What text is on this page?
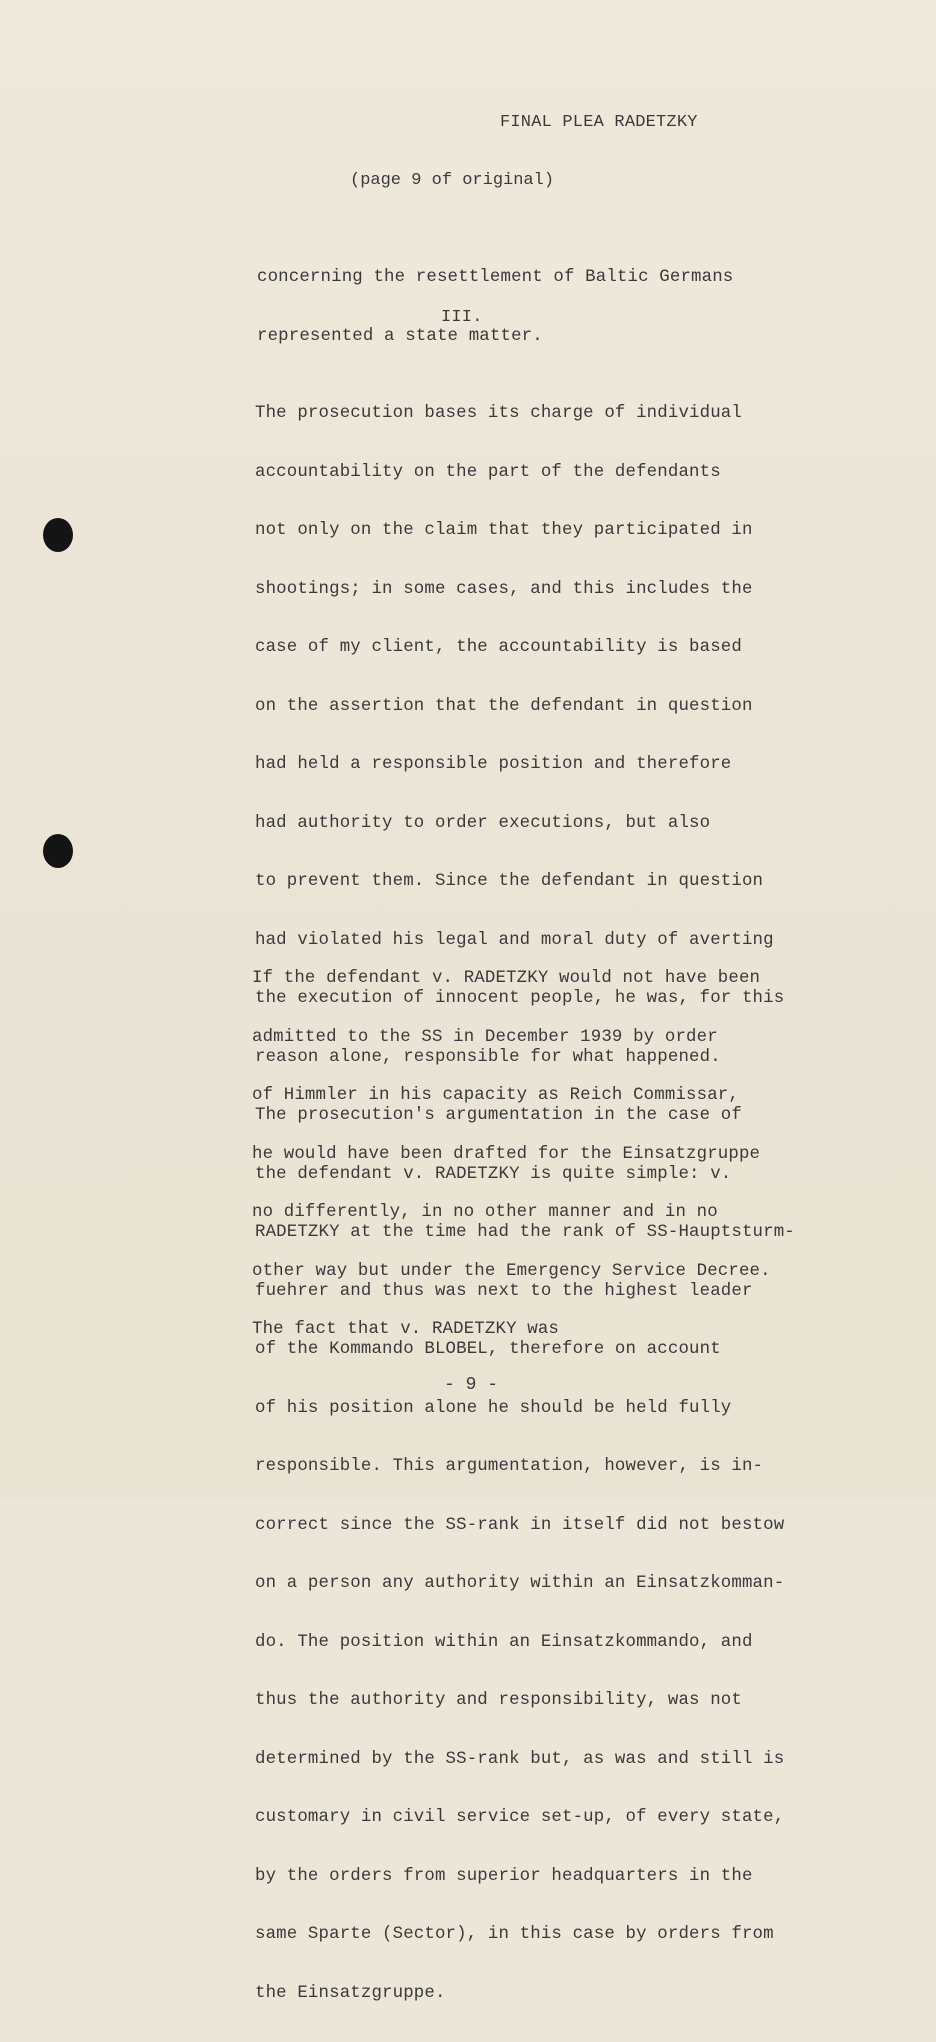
FINAL PLEA RADETZKY
(page 9 of original)

concerning the resettlement of Baltic Germans

represented a state matter.

III.

The prosecution bases its charge of individual

accountability on the part of the defendants

not only on the claim that they participated in

shootings; in some cases, and this includes the

case of my client, the accountability is based

on the assertion that the defendant in question

had held a responsible position and therefore

had authority to order executions, but also

to prevent them. Since the defendant in question

had violated his legal and moral duty of averting

the execution of innocent people, he was, for this

reason alone, responsible for what happened.

The prosecution's argumentation in the case of

the defendant v. RADETZKY is quite simple: v.

RADETZKY at the time had the rank of SS-Hauptsturm-

fuehrer and thus was next to the highest leader

of the Kommando BLOBEL, therefore on account

of his position alone he should be held fully

responsible. This argumentation, however, is in-

correct since the SS-rank in itself did not bestow

on a person any authority within an Einsatzkomman-

do. The position within an Einsatzkommando, and

thus the authority and responsibility, was not

determined by the SS-rank but, as was and still is

customary in civil service set-up, of every state,

by the orders from superior headquarters in the

same Sparte (Sector), in this case by orders from

the Einsatzgruppe.

If the defendant v. RADETZKY would not have been

admitted to the SS in December 1939 by order

of Himmler in his capacity as Reich Commissar,

he would have been drafted for the Einsatzgruppe

no differently, in no other manner and in no

other way but under the Emergency Service Decree.

The fact that v. RADETZKY was

- 9 -
